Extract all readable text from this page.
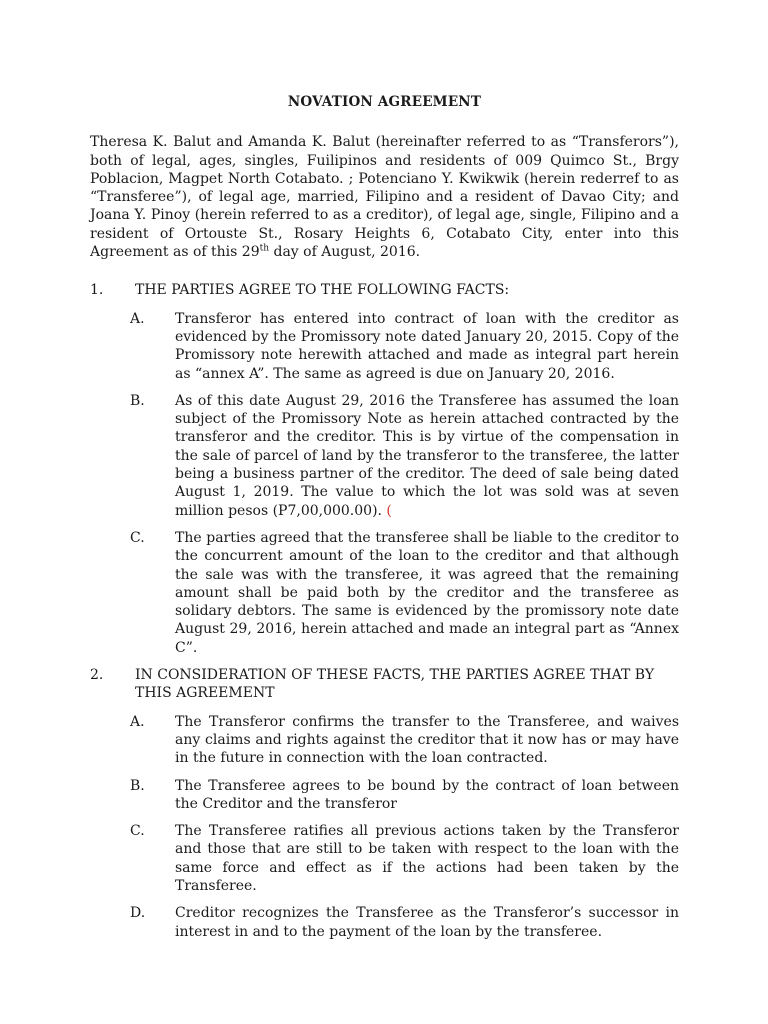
NOVATION AGREEMENT

Theresa K. Balut and Amanda K. Balut (hereinafter referred to as “Transferors”), both of legal, ages, singles, Fuilipinos and residents of 009 Quimco St., Brgy Poblacion, Magpet North Cotabato. ; Potenciano Y. Kwikwik (herein rederref to as “Transferee”), of legal age, married, Filipino and a resident of Davao City; and Joana Y. Pinoy (herein referred to as a creditor), of legal age, single, Filipino and a resident of Ortouste St., Rosary Heights 6, Cotabato City, enter into this Agreement as of this 29th day of August, 2016.

1.	THE PARTIES AGREE TO THE FOLLOWING FACTS:
A.	Transferor has entered into contract of loan with the creditor as evidenced by the Promissory note dated January 20, 2015. Copy of the Promissory note herewith attached and made as integral part herein as “annex A”. The same as agreed is due on January 20, 2016.
B.	As of this date August 29, 2016 the Transferee has assumed the loan subject of the Promissory Note as herein attached contracted by the transferor and the creditor. This is by virtue of the compensation in the sale of parcel of land by the transferor to the transferee, the latter being a business partner of the creditor. The deed of sale being dated August 1, 2019. The value to which the lot was sold was at seven million pesos (P7,00,000.00). (
C.	The parties agreed that the transferee shall be liable to the creditor to the concurrent amount of the loan to the creditor and that although the sale was with the transferee, it was agreed that the remaining amount shall be paid both by the creditor and the transferee as solidary debtors. The same is evidenced by the promissory note date August 29, 2016, herein attached and made an integral part as “Annex C”.
2.	IN CONSIDERATION OF THESE FACTS, THE PARTIES AGREE THAT BY THIS AGREEMENT
A.	The Transferor confirms the transfer to the Transferee, and waives any claims and rights against the creditor that it now has or may have in the future in connection with the loan contracted.
B.	The Transferee agrees to be bound by the contract of loan between the Creditor and the transferor
C.	The Transferee ratifies all previous actions taken by the Transferor and those that are still to be taken with respect to the loan with the same force and effect as if the actions had been taken by the Transferee.
D.	Creditor recognizes the Transferee as the Transferor’s successor in interest in and to the payment of the loan by the transferee.
